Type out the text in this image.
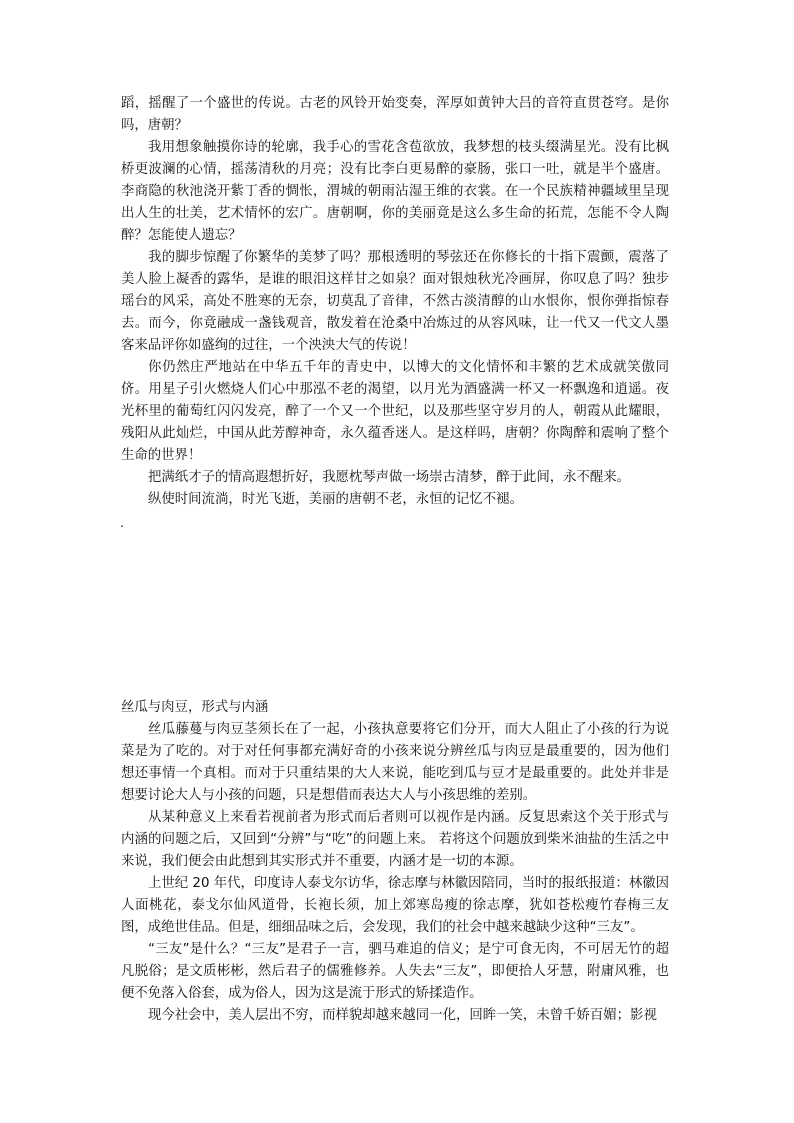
蹈，摇醒了一个盛世的传说。古老的风铃开始变奏，浑厚如黄钟大吕的音符直贯苍穹。是你吗，唐朝？

我用想象触摸你诗的轮廓，我手心的雪花含苞欲放，我梦想的枝头缀满星光。没有比枫桥更波澜的心情，摇荡清秋的月亮；没有比李白更易醉的豪肠，张口一吐，就是半个盛唐。李商隐的秋池浇开紫丁香的惆怅，渭城的朝雨沾湿王维的衣裳。在一个民族精神疆域里呈现出人生的壮美，艺术情怀的宏广。唐朝啊，你的美丽竟是这么多生命的拓荒，怎能不令人陶醉？怎能使人遗忘？

我的脚步惊醒了你繁华的美梦了吗？那根透明的琴弦还在你修长的十指下震颤，震落了美人脸上凝香的露华，是谁的眼泪这样甘之如泉？面对银烛秋光冷画屏，你叹息了吗？独步瑶台的风采，高处不胜寒的无奈，切莫乱了音律，不然古淡清醇的山水恨你，恨你弹指惊春去。而今，你竟融成一盏钱观音，散发着在沧桑中冶炼过的从容风味，让一代又一代文人墨客来品评你如盛绚的过往，一个泱泱大气的传说！

你仍然庄严地站在中华五千年的青史中，以博大的文化情怀和丰繁的艺术成就笑傲同侪。用星子引火燃烧人们心中那泓不老的渴望，以月光为酒盛满一杯又一杯飘逸和逍遥。夜光杯里的葡萄红闪闪发亮，醉了一个又一个世纪，以及那些坚守岁月的人，朝霞从此耀眼，残阳从此灿烂，中国从此芳醇神奇，永久蕴香迷人。是这样吗，唐朝？你陶醉和震响了整个生命的世界！

把满纸才子的情高遐想折好，我愿枕琴声做一场崇古清梦，醉于此间，永不醒来。

纵使时间流淌，时光飞逝，美丽的唐朝不老，永恒的记忆不褪。

.

丝瓜与肉豆，形式与内涵

丝瓜藤蔓与肉豆茎须长在了一起，小孩执意要将它们分开，而大人阻止了小孩的行为说菜是为了吃的。对于对任何事都充满好奇的小孩来说分辨丝瓜与肉豆是最重要的，因为他们想还事情一个真相。而对于只重结果的大人来说，能吃到瓜与豆才是最重要的。此处并非是想要讨论大人与小孩的问题，只是想借而表达大人与小孩思维的差别。

从某种意义上来看若视前者为形式而后者则可以视作是内涵。反复思索这个关于形式与内涵的问题之后，又回到“分辨”与“吃”的问题上来。 若将这个问题放到柴米油盐的生活之中来说，我们便会由此想到其实形式并不重要，内涵才是一切的本源。

上世纪 20 年代，印度诗人泰戈尔访华，徐志摩与林徽因陪同，当时的报纸报道：林徽因人面桃花，泰戈尔仙风道骨，长袍长须，加上郊寒岛瘦的徐志摩，犹如苍松瘦竹春梅三友图，成绝世佳品。但是，细细品味之后，会发现，我们的社会中越来越缺少这种“三友”。

“三友”是什么？“三友”是君子一言，驷马难追的信义；是宁可食无肉，不可居无竹的超凡脱俗；是文质彬彬，然后君子的儒雅修养。人失去“三友”，即便拾人牙慧，附庸风雅，也便不免落入俗套，成为俗人，因为这是流于形式的矫揉造作。

现今社会中，美人层出不穷，而样貌却越来越同一化，回眸一笑，未曾千娇百媚；影视
